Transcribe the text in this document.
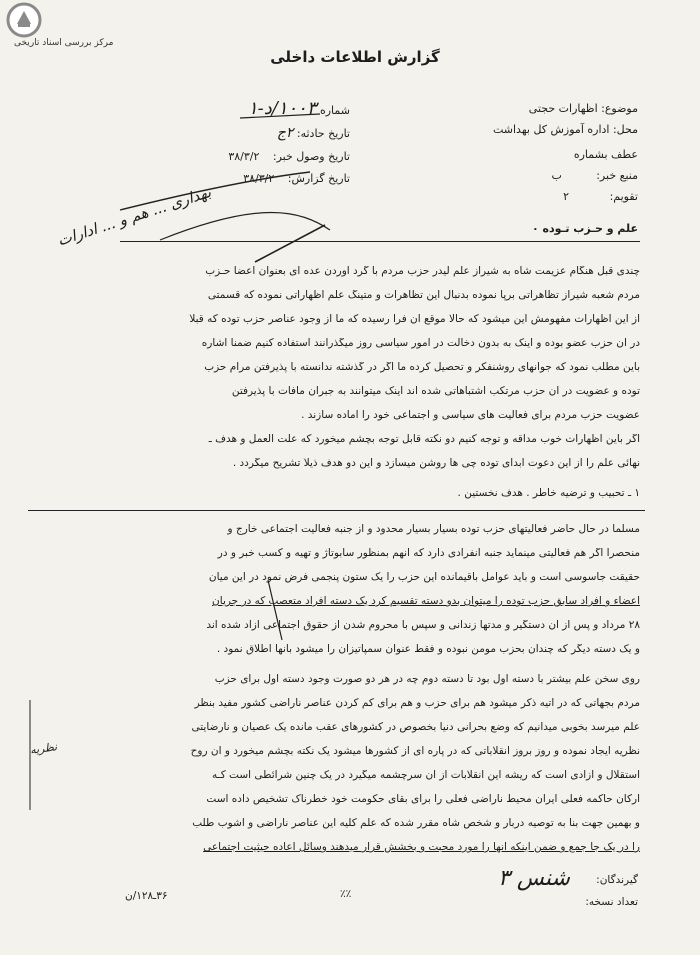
مرکز بررسی اسناد تاریخی
گزارش اطلاعات داخلی
موضوع: اظهارات حجتی
محل: اداره آموزش کل بهداشت
عطف بشماره
منبع خبر: ب
تقویم: ۲
شماره ۱۰۰۳/د-۱
تاریخ حادثه: ۲ج
تاریخ وصول خبر: ۳۸/۳/۲
تاریخ گزارش: ۳۸/۳/۲
بهداری ... هم و ... ادارات	علم و حـزب تـوده ٠
چندی قبل هنگام عزیمت شاه به شیراز علم لیدر حزب مردم با گرد آوردن عده ای بعنوان اعضا حـزب
مردم شعبه شیراز تظاهراتی برپا نموده بدنبال این تظاهرات و متینگ علم اظهاراتی نموده که قسمتی
از این اظهارات مفهومش این میشود که حالا موقع آن فرا رسیده که ما از وجود عناصر حزب توده که قبلاً
در آن حزب عضو بوده و اینک به بدون دخالت در امور سیاسی روز میگذرانند استفاده کنیم ضمناً اشاره
باین مطلب نمود که جوانهای روشنفکر و تحصیل کرده ما اگر در گذشته ندانسته با پذیرفتن مرام حزب
توده و عضویت در آن حزب مرتکب اشتباهاتی شده اند اینک میتوانند به جبران مافات با پذیرفتن
عضویت حزب مردم برای فعالیت های سیاسی و اجتماعی خود را آماده سازند .
اگر باین اظهارات خوب مداقه و توجه کنیم دو نکته قابل توجه بچشم میخورد که علت العمل و هدف ـ
نهائی علم را از این دعوت ابدای توده چی ها روشن میسازد و این دو هدف ذیلاً تشریح میگردد .
١ ـ تحبیب و ترضیه خاطر . هدف نخستین .
مسلماً در حال حاضر فعالیتهای حزب توده بسیار بسیار محدود و از جنبه فعالیت اجتماعی خارج و
منحصراً اگر هم فعالیتی مینماید جنبه انفرادی دارد که آنهم بمنظور سابوتاژ و تهیه و کسب خبر و در
حقیقت جاسوسی است و باید عوامل باقیمانده این حزب را یک ستون پنجمی فرض نمود در این میان
اعضاء و افراد سابق حزب توده را میتوان بدو دسته تقسیم کرد یک دسته افراد متعصب که در جریان
۲۸ مرداد و پس از آن دستگیر و مدتها زندانی و سپس با محروم شدن از حقوق اجتماعی آزاد شده اند
و یک دسته دیگر که چندان بحزب مومن نبوده و فقط عنوان سمپاتیزان را میشود بآنها اطلاق نمود .
روی سخن علم بیشتر با دسته اول بود تا دسته دوم چه در هر دو صورت وجود دسته اول برای حزب
مردم بجهاتی که در آتیه ذکر میشود هم برای حزب و هم برای کم کردن عناصر ناراضی کشور مفید بنظر
علم میرسد بخوبی میدانیم که وضع بحرانی دنیا بخصوص در کشورهای عقب مانده یک عصیان و نارضایتی
نظریه ایجاد نموده و روز بروز انقلاباتی که در پاره ای از کشورها میشود یک نکته بچشم میخورد و آن روح
استقلال و آزادی است که ریشه این انقلابات از آن سرچشمه میگیرد در یک چنین شرائطی است کـه
ارکان حاکمه فعلی ایران محیط ناراضی فعلی را برای بقای حکومت خود خطرناک تشخیص داده است
و بهمین جهت بنا به توصیه دربار و شخص شاه مقرر شده که علم کلیه این عناصر ناراضی و آشوب طلب
را در یک جا جمع و ضمن اینکه آنها را مورد محبت و بخشش قرار میدهند وسائل اعاده حیثیت اجتماعی
نظریه
گیرندگان:
شنس ۳
تعداد نسخه:
۳۶ـ۱۲۸/ن	٪٪
